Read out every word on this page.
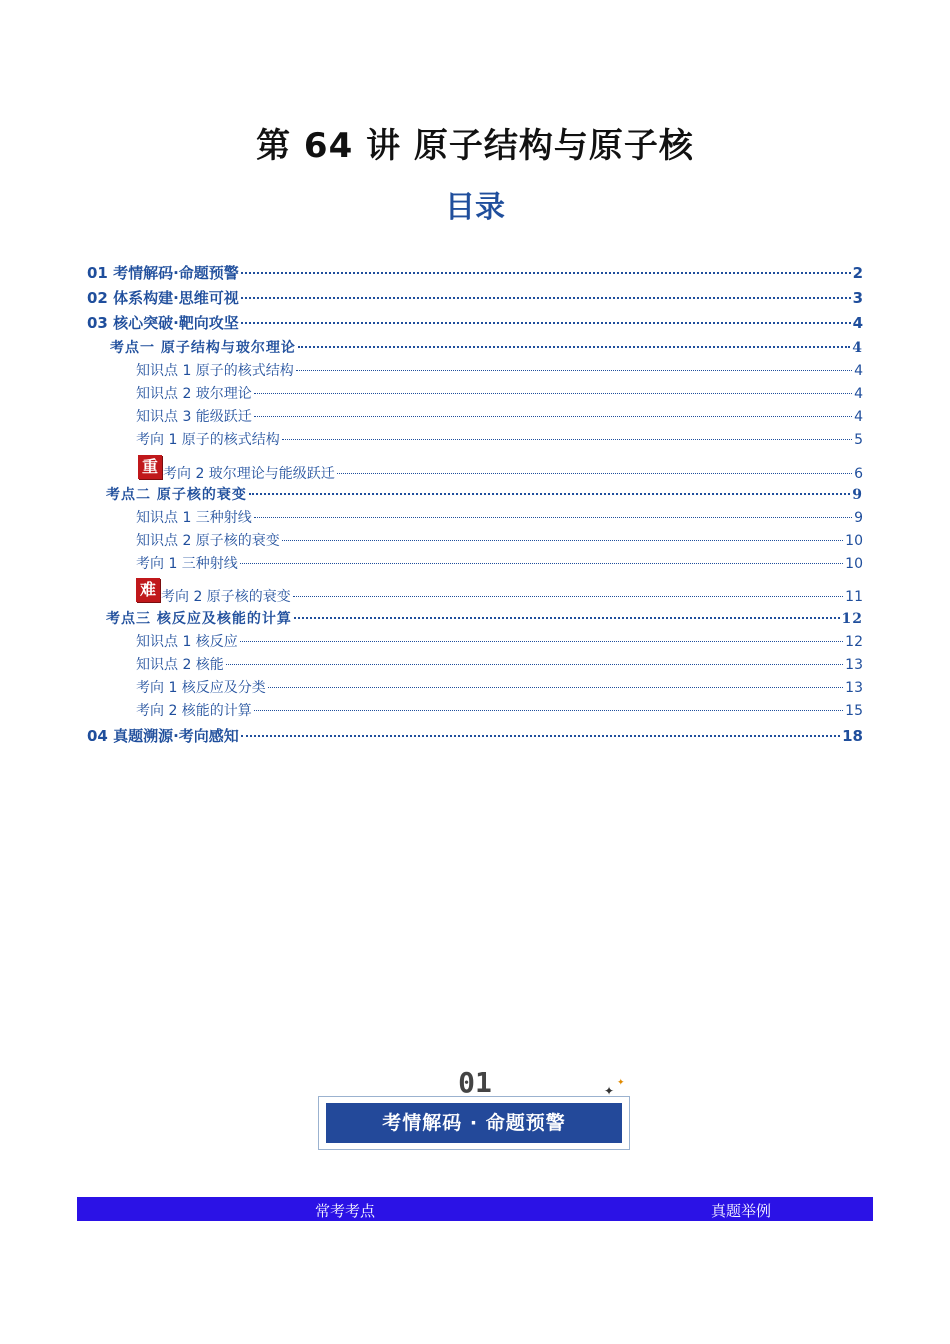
第 64 讲 原子结构与原子核
目录
01 考情解码·命题预警	2
02 体系构建·思维可视	3
03 核心突破·靶向攻坚	4
考点一 原子结构与玻尔理论	4
知识点 1 原子的核式结构	4
知识点 2 玻尔理论	4
知识点 3 能级跃迁	4
考向 1 原子的核式结构	5
重 考向 2 玻尔理论与能级跃迁	6
考点二 原子核的衰变	9
知识点 1 三种射线	9
知识点 2 原子核的衰变	10
考向 1 三种射线	10
难 考向 2 原子核的衰变	11
考点三 核反应及核能的计算	12
知识点 1 核反应	12
知识点 2 核能	13
考向 1 核反应及分类	13
考向 2 核能的计算	15
04 真题溯源·考向感知	18
01
考情解码 · 命题预警
✦
✦
常考考点	真题举例
